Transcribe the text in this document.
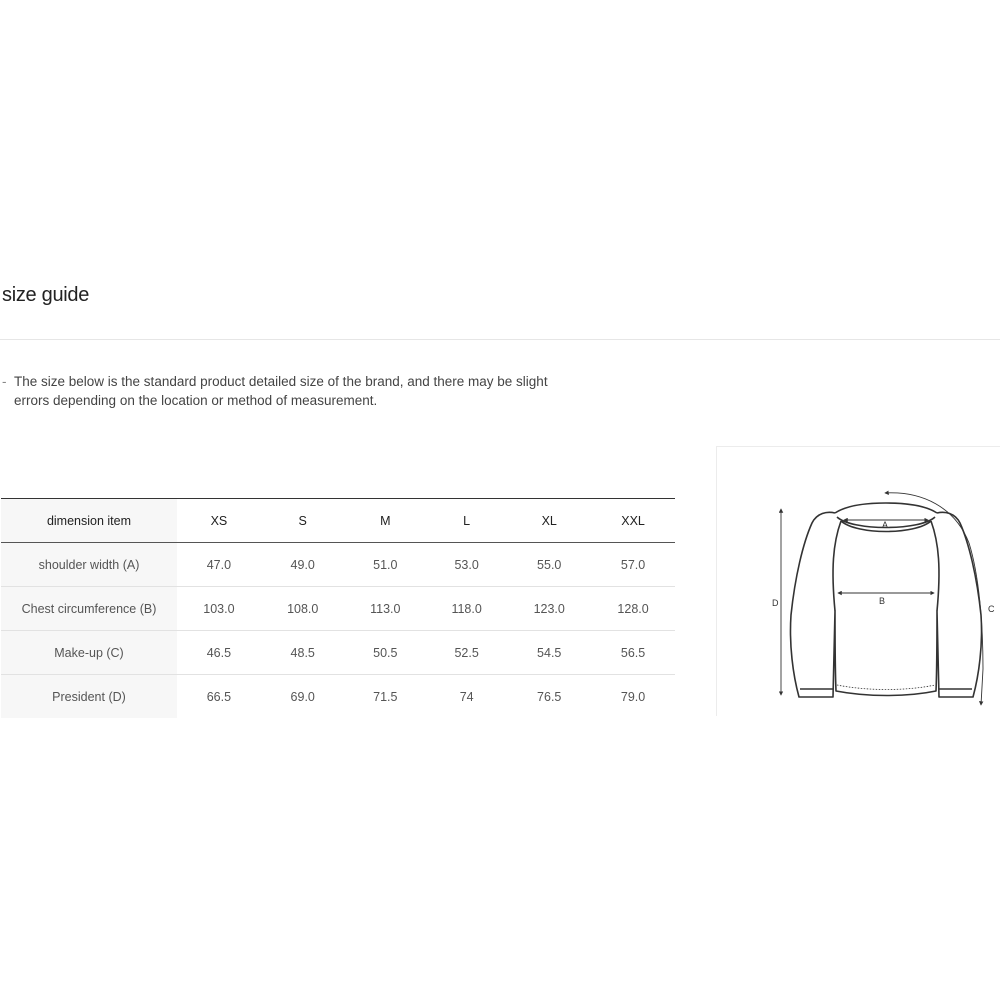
size guide
- The size below is the standard product detailed size of the brand, and there may be slight errors depending on the location or method of measurement.
dimension item	XS	S	M	L	XL	XXL
shoulder width (A)	47.0	49.0	51.0	53.0	55.0	57.0
Chest circumference (B)	103.0	108.0	113.0	118.0	123.0	128.0
Make-up (C)	46.5	48.5	50.5	52.5	54.5	56.5
President (D)	66.5	69.0	71.5	74	76.5	79.0
A
B
C
D
